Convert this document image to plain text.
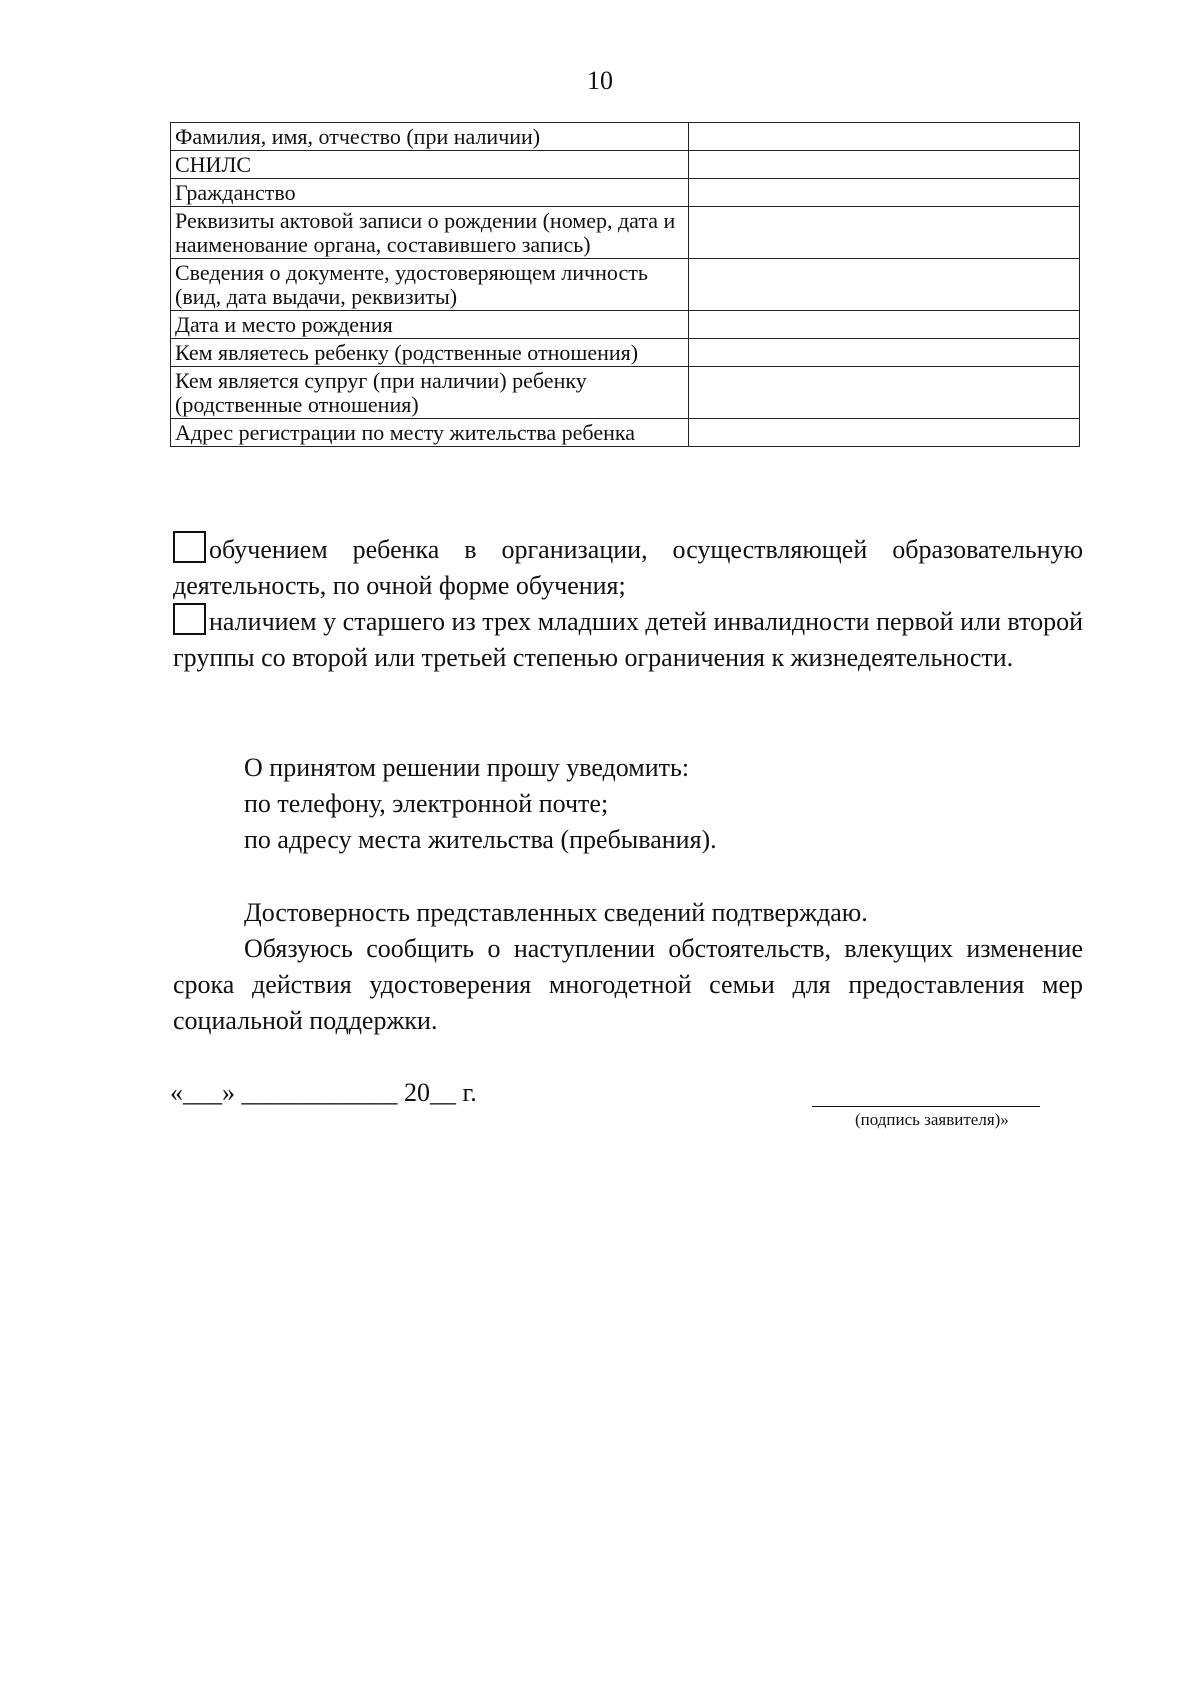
10
Фамилия, имя, отчество (при наличии)	
СНИЛС	
Гражданство	
Реквизиты актовой записи о рождении (номер, дата и наименование органа, составившего запись)	
Сведения о документе, удостоверяющем личность (вид, дата выдачи, реквизиты)	
Дата и место рождения	
Кем являетесь ребенку (родственные отношения)	
Кем является супруг (при наличии) ребенку (родственные отношения)	
Адрес регистрации по месту жительства ребенка	
обучением ребенка в организации, осуществляющей образовательную деятельность, по очной форме обучения;
наличием у старшего из трех младших детей инвалидности первой или второй группы со второй или третьей степенью ограничения к жизнедеятельности.
О принятом решении прошу уведомить:
по телефону, электронной почте;
по адресу места жительства (пребывания).
Достоверность представленных сведений подтверждаю.
Обязуюсь сообщить о наступлении обстоятельств, влекущих изменение срока действия удостоверения многодетной семьи для предоставления мер социальной поддержки.
«___» ____________ 20__ г.
(подпись заявителя)»
